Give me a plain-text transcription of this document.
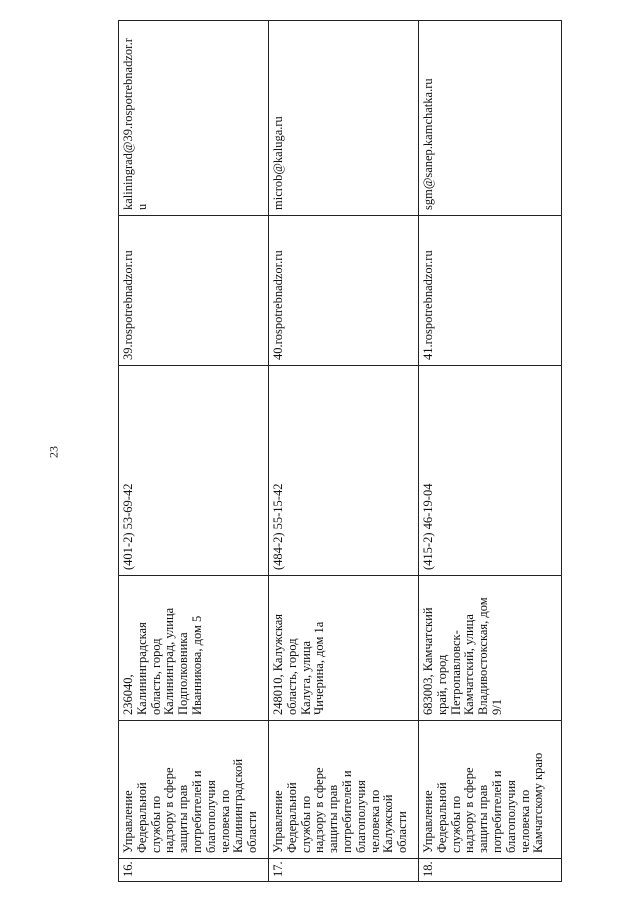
23
kaliningrad@39.rospotrebnadzor.r u
39.rospotrebnadzor.ru
(401-2) 53-69-42
236040, Калининградская область, город Калининград, улица Подполковника Иванникова, дом 5
Управление Федеральной службы по надзору в сфере защиты прав потребителей и благополучия человека по Калининградской области
16.
microb@kaluga.ru
40.rospotrebnadzor.ru
(484-2) 55-15-42
248010, Калужская область, город Калуга, улица Чичерина, дом 1а
Управление Федеральной службы по надзору в сфере защиты прав потребителей и благополучия человека по Калужской области
17.
sgm@sanep.kamchatka.ru
41.rospotrebnadzor.ru
(415-2) 46-19-04
683003, Камчатский край, город Петропавловск- Камчатский, улица Владивостокская, дом 9/1
Управление Федеральной службы по надзору в сфере защиты прав потребителей и благополучия человека по Камчатскому краю
18.
